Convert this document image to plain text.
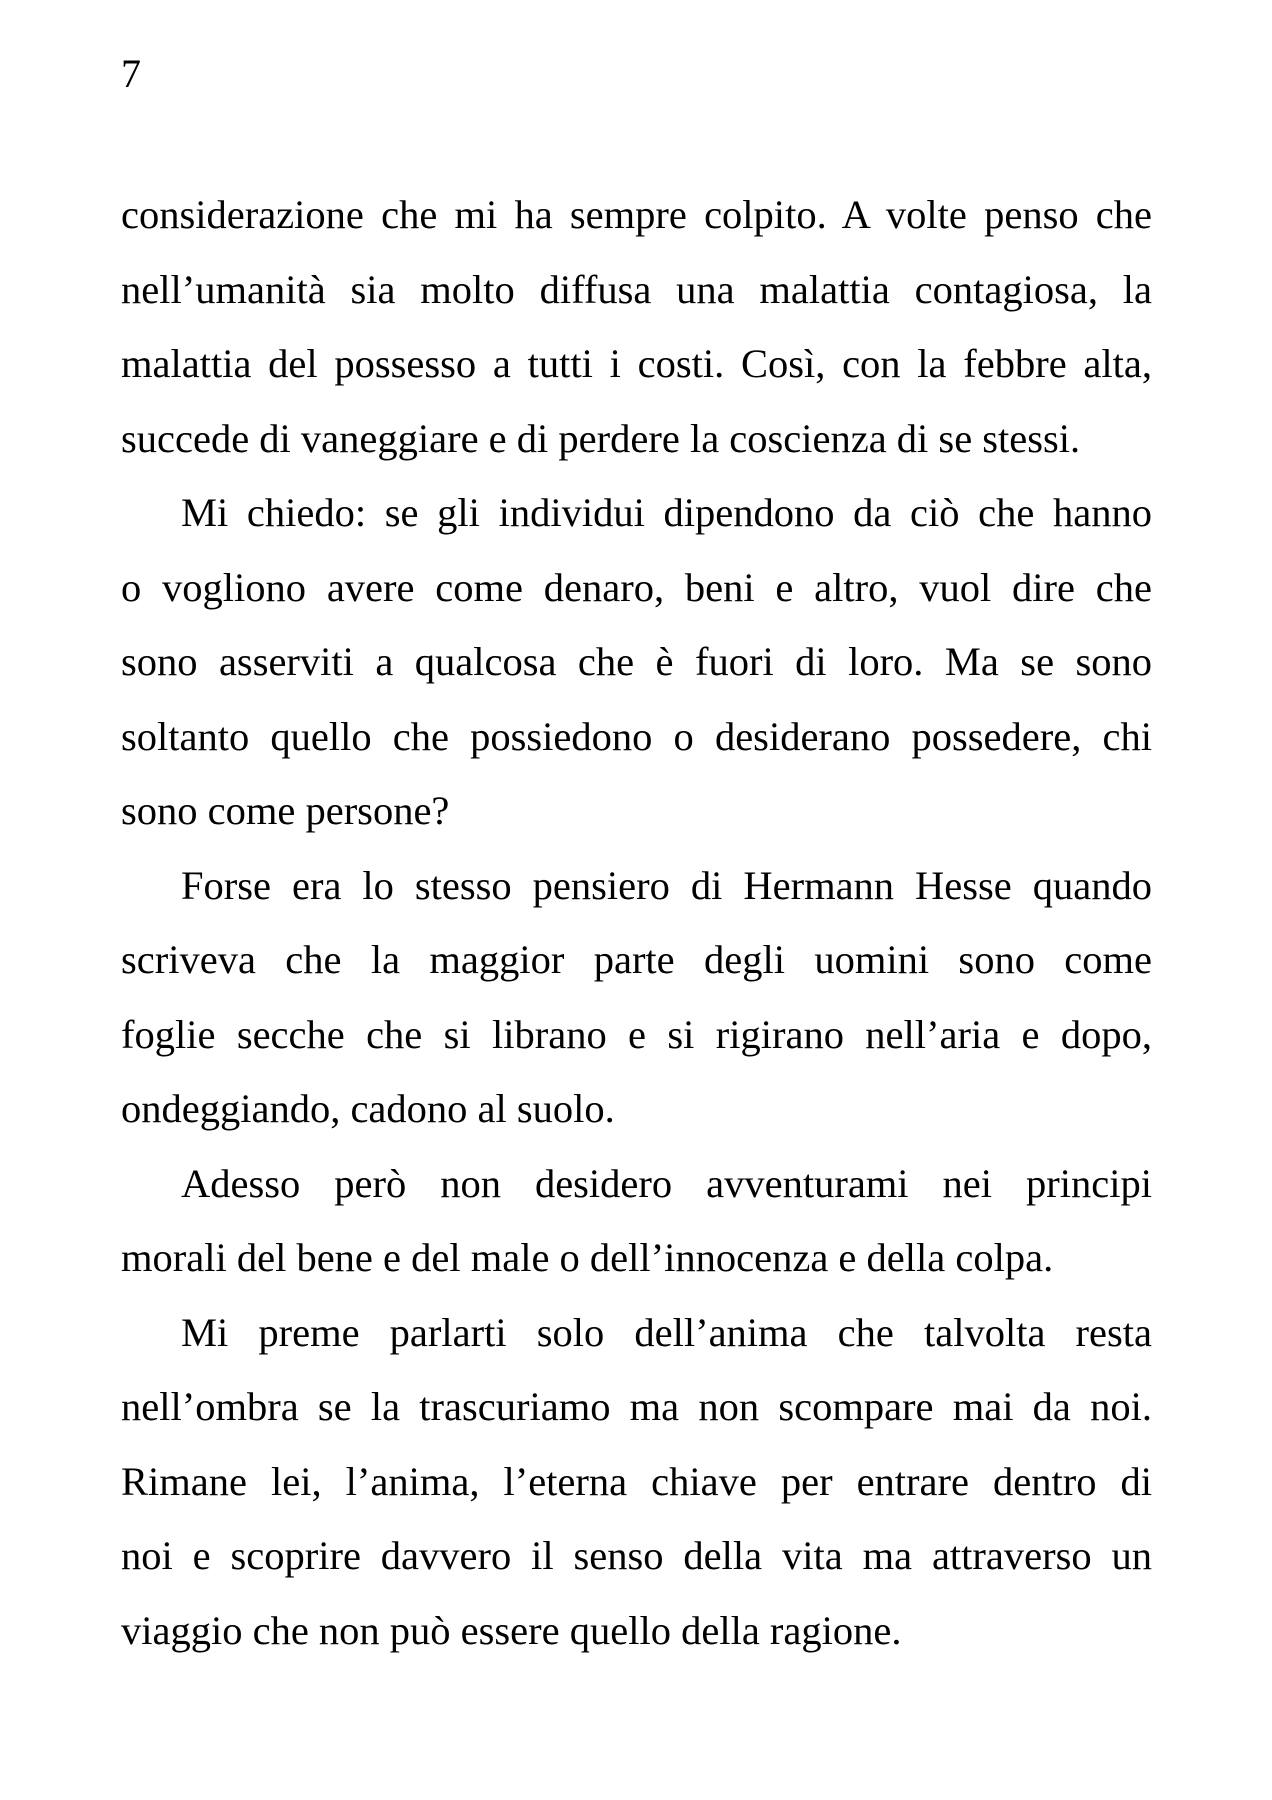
7

considerazione che mi ha sempre colpito. A volte penso che
nell’umanità sia molto diffusa una malattia contagiosa, la
malattia del possesso a tutti i costi. Così, con la febbre alta,
succede di vaneggiare e di perdere la coscienza di se stessi.

Mi chiedo: se gli individui dipendono da ciò che hanno
o vogliono avere come denaro, beni e altro, vuol dire che
sono asserviti a qualcosa che è fuori di loro. Ma se sono
soltanto quello che possiedono o desiderano possedere, chi
sono come persone?

Forse era lo stesso pensiero di Hermann Hesse quando
scriveva che la maggior parte degli uomini sono come
foglie secche che si librano e si rigirano nell’aria e dopo,
ondeggiando, cadono al suolo.

Adesso però non desidero avventurami nei principi
morali del bene e del male o dell’innocenza e della colpa.

Mi preme parlarti solo dell’anima che talvolta resta
nell’ombra se la trascuriamo ma non scompare mai da noi.
Rimane lei, l’anima, l’eterna chiave per entrare dentro di
noi e scoprire davvero il senso della vita ma attraverso un
viaggio che non può essere quello della ragione.
